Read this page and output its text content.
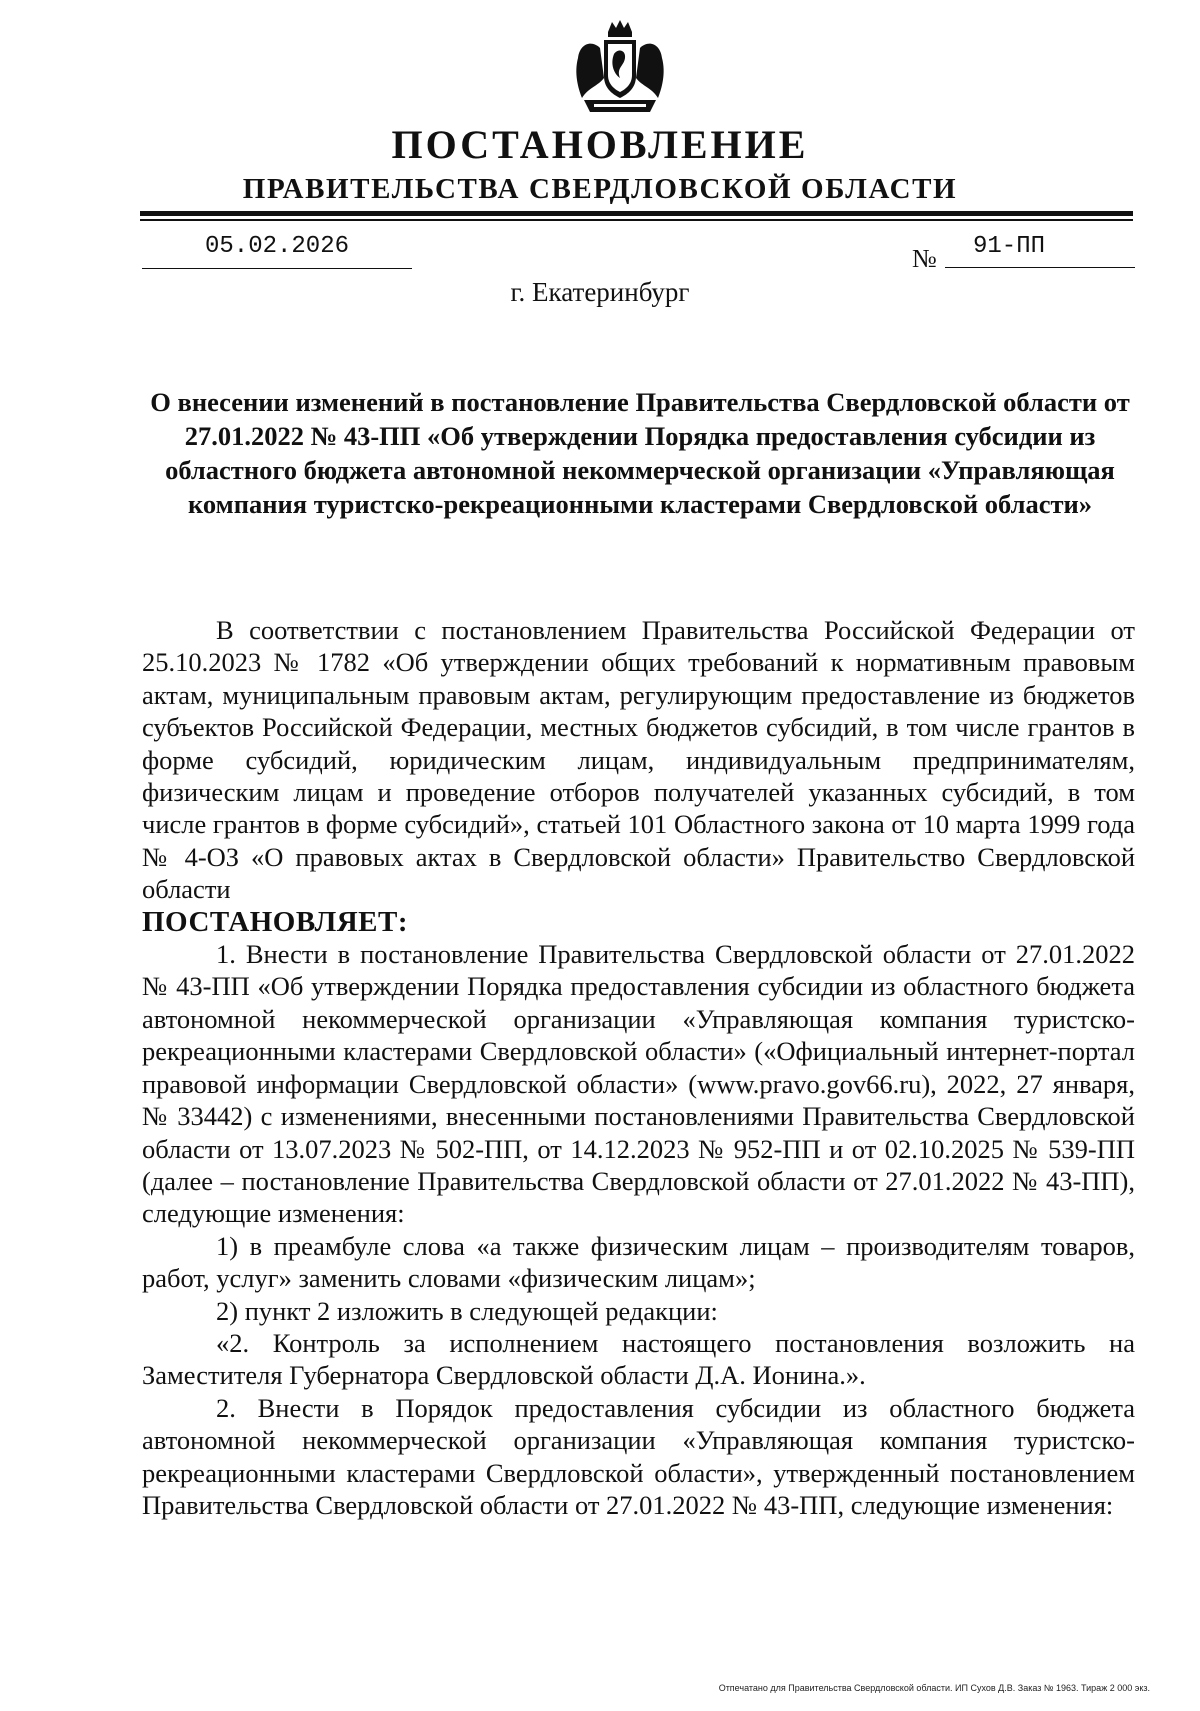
ПОСТАНОВЛЕНИЕ
ПРАВИТЕЛЬСТВА СВЕРДЛОВСКОЙ ОБЛАСТИ
05.02.2026	№	91-ПП
г. Екатеринбург
О внесении изменений в постановление Правительства Свердловской области от 27.01.2022 № 43-ПП «Об утверждении Порядка предоставления субсидии из областного бюджета автономной некоммерческой организации «Управляющая компания туристско-рекреационными кластерами Свердловской области»

В соответствии с постановлением Правительства Российской Федерации от 25.10.2023 № 1782 «Об утверждении общих требований к нормативным правовым актам, муниципальным правовым актам, регулирующим предоставление из бюджетов субъектов Российской Федерации, местных бюджетов субсидий, в том числе грантов в форме субсидий, юридическим лицам, индивидуальным предпринимателям, физическим лицам и проведение отборов получателей указанных субсидий, в том числе грантов в форме субсидий», статьей 101 Областного закона от 10 марта 1999 года № 4-ОЗ «О правовых актах в Свердловской области» Правительство Свердловской области

ПОСТАНОВЛЯЕТ:

1. Внести в постановление Правительства Свердловской области от 27.01.2022 № 43-ПП «Об утверждении Порядка предоставления субсидии из областного бюджета автономной некоммерческой организации «Управляющая компания туристско-рекреационными кластерами Свердловской области» («Официальный интернет-портал правовой информации Свердловской области» (www.pravo.gov66.ru), 2022, 27 января, № 33442) с изменениями, внесенными постановлениями Правительства Свердловской области от 13.07.2023 № 502-ПП, от 14.12.2023 № 952-ПП и от 02.10.2025 № 539-ПП (далее – постановление Правительства Свердловской области от 27.01.2022 № 43-ПП), следующие изменения:

1) в преамбуле слова «а также физическим лицам – производителям товаров, работ, услуг» заменить словами «физическим лицам»;

2) пункт 2 изложить в следующей редакции:

«2. Контроль за исполнением настоящего постановления возложить на Заместителя Губернатора Свердловской области Д.А. Ионина.».

2. Внести в Порядок предоставления субсидии из областного бюджета автономной некоммерческой организации «Управляющая компания туристско-рекреационными кластерами Свердловской области», утвержденный постановлением Правительства Свердловской области от 27.01.2022 № 43-ПП, следующие изменения:

Отпечатано для Правительства Свердловской области. ИП Сухов Д.В. Заказ № 1963. Тираж 2 000 экз.
